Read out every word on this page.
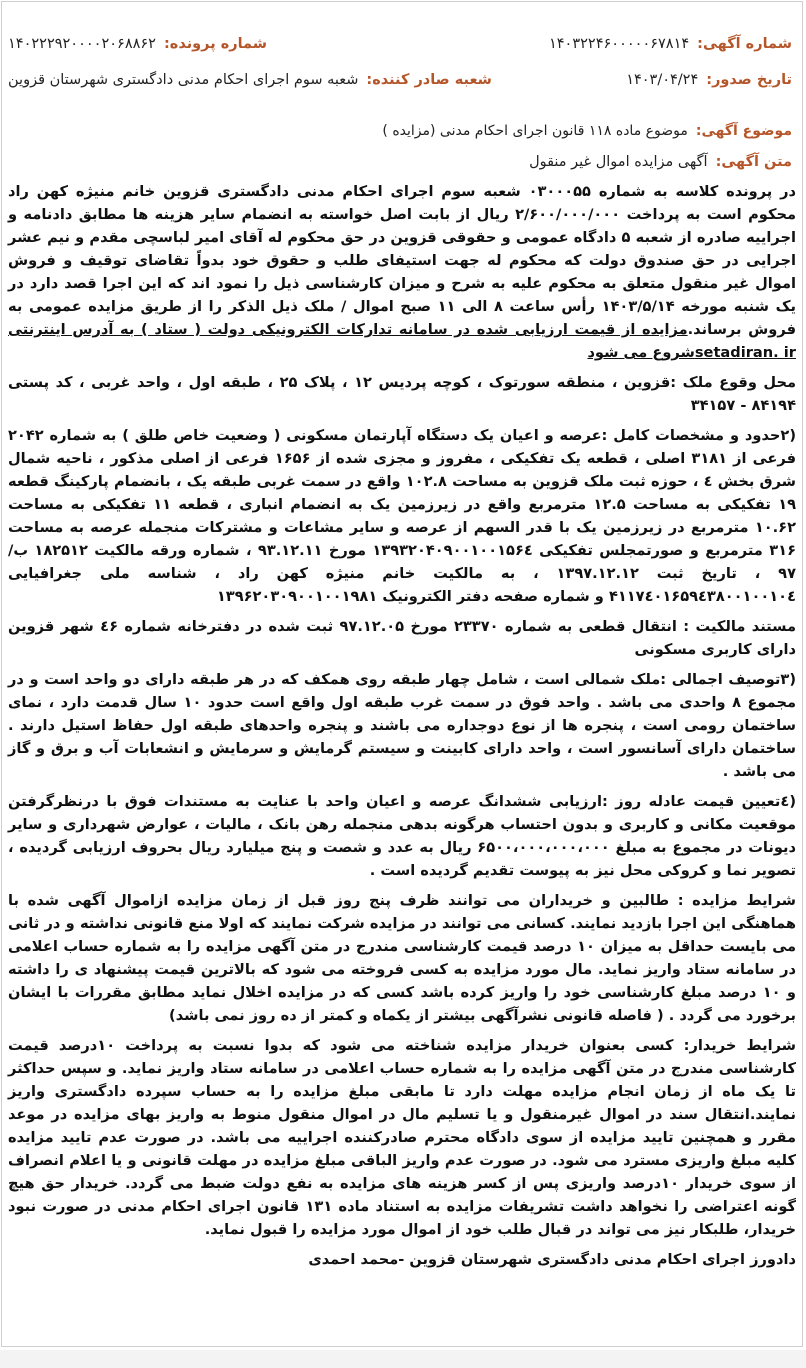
شماره آگهی:
۱۴۰۳۲۲۴۶۰۰۰۰۰۶۷۸۱۴
شماره پرونده:
۱۴۰۲۲۲۹۲۰۰۰۰۲۰۶۸۸۶۲
تاریخ صدور:
۱۴۰۳/۰۴/۲۴
شعبه صادر کننده:
شعبه سوم اجرای احکام مدنی دادگستری شهرستان قزوین
موضوع آگهی:
موضوع ماده ۱۱۸ قانون اجرای احکام مدنی (مزایده )
متن آگهی:
آگهی مزایده اموال غیر منقول

در پرونده کلاسه به شماره ۰۳۰۰۰۵۵ شعبه سوم اجرای احکام مدنی دادگستری قزوین خانم منیژه کهن راد محکوم است به پرداخت ۲/۶۰۰/۰۰۰/۰۰۰ ریال از بابت اصل خواسته به انضمام سایر هزینه ها مطابق دادنامه و اجراییه صادره از شعبه ۵ دادگاه عمومی و حقوقی قزوین در حق محکوم له آقای امیر لباسچی مقدم و نیم عشر اجرایی در حق صندوق دولت که محکوم له جهت استیفای طلب و حقوق خود بدواً تقاضای توقیف و فروش اموال غیر منقول متعلق به محکوم علیه به شرح و میزان کارشناسی ذیل را نمود اند که این اجرا قصد دارد در یک شنبه مورخه ۱۴۰۳/۵/۱۴ رأس ساعت ۸ الی ۱۱ صبح اموال / ملک ذیل الذکر را از طریق مزایده عمومی به فروش برساند.مزایده از قیمت ارزیابی شده در سامانه تدارکات الکترونیکی دولت ( ستاد ) به آدرس اینترنتی setadiran. irشروع می شود

محل وقوع ملک :قزوین ، منطقه سورتوک ، کوچه پردیس ۱۲ ، پلاک ۲۵ ، طبقه اول ، واحد غربی ، کد پستی ۸۴۱۹۴ - ۳۴۱۵۷

(۲حدود و مشخصات کامل :عرصه و اعیان یک دستگاه آپارتمان مسکونی ( وضعیت خاص طلق ) به شماره ۲۰۴۲ فرعی از ۳۱۸۱ اصلی ، قطعه یک تفکیکی ، مفروز و مجزی شده از ۱۶۵۶ فرعی از اصلی مذکور ، ناحیه شمال شرق بخش ٤ ، حوزه ثبت ملک قزوین به مساحت ۱۰۲.۸ واقع در سمت غربی طبقه یک ، بانضمام پارکینگ قطعه ۱۹ تفکیکی به مساحت ۱۲.۵ مترمربع واقع در زیرزمین یک به انضمام انباری ، قطعه ۱۱ تفکیکی به مساحت ۱۰.۶۲ مترمربع در زیرزمین یک با قدر السهم از عرصه و سایر مشاعات و مشترکات منجمله عرصه به مساحت ۳۱۶ مترمربع و صورتمجلس تفکیکی ۱۳۹۳۲۰۴۰۹۰۰۱۰۰۱۵۶٤ مورخ ۹۳.۱۲.۱۱ ، شماره ورقه مالکیت ۱۸۲۵۱۲ ب/۹۷ ، تاریخ ثبت ۱۳۹۷.۱۲.۱۲ ، به مالکیت خانم منیژه کهن راد ، شناسه ملی جغرافیایی ۴۱۱۷٤۰۱۶۵۹٤۳۸۰۰۱۰۰۱۰٤ و شماره صفحه دفتر الکترونیک ۱۳۹۶۲۰۳۰۹۰۰۱۰۰۱۹۸۱

مستند مالکیت : انتقال قطعی به شماره ۲۳۳۷۰ مورخ ۹۷.۱۲.۰۵ ثبت شده در دفترخانه شماره ٤۶ شهر قزوین دارای کاربری مسکونی

(۳توصیف اجمالی :ملک شمالی است ، شامل چهار طبقه روی همکف که در هر طبقه دارای دو واحد است و در مجموع ۸ واحدی می باشد . واحد فوق در سمت غرب طبقه اول واقع است حدود ۱۰ سال قدمت دارد ، نمای ساختمان رومی است ، پنجره ها از نوع دوجداره می باشند و پنجره واحدهای طبقه اول حفاظ استیل دارند . ساختمان دارای آسانسور است ، واحد دارای کابینت و سیستم گرمایش و سرمایش و انشعابات آب و برق و گاز می باشد .

(٤تعیین قیمت عادله روز :ارزیابی ششدانگ عرصه و اعیان واحد با عنایت به مستندات فوق با درنظرگرفتن موقعیت مکانی و کاربری و بدون احتساب هرگونه بدهی منجمله رهن بانک ، مالیات ، عوارض شهرداری و سایر دیونات در مجموع به مبلغ ۶۵۰۰،۰۰۰،۰۰۰،۰۰۰ ریال به عدد و شصت و پنج میلیارد ریال بحروف ارزیابی گردیده ، تصویر نما و کروکی محل نیز به پیوست تقدیم گردیده است .

شرایط مزایده : طالبین و خریداران می توانند ظرف پنج روز قبل از زمان مزایده ازاموال آگهی شده با هماهنگی این اجرا بازدید نمایند. کسانی می توانند در مزایده شرکت نمایند که اولا منع قانونی نداشته و در ثانی می بایست حداقل به میزان ۱۰ درصد قیمت کارشناسی مندرج در متن آگهی مزایده را به شماره حساب اعلامی در سامانه ستاد واریز نماید. مال مورد مزایده به کسی فروخته می شود که بالاترین قیمت پیشنهاد ی را داشته و ۱۰ درصد مبلغ کارشناسی خود را واریز کرده باشد کسی که در مزایده اخلال نماید مطابق مقررات با ایشان برخورد می گردد . ( فاصله قانونی نشرآگهی بیشتر از یکماه و کمتر از ده روز نمی باشد)

شرایط خریدار: کسی بعنوان خریدار مزایده شناخته می شود که بدوا نسبت به پرداخت ۱۰درصد قیمت کارشناسی مندرج در متن آگهی مزایده را به شماره حساب اعلامی در سامانه ستاد واریز نماید. و سپس حداکثر تا یک ماه از زمان انجام مزایده مهلت دارد تا مابقی مبلغ مزایده را به حساب سپرده دادگستری واریز نمایند.انتقال سند در اموال غیرمنقول و یا تسلیم مال در اموال منقول منوط به واریز بهای مزایده در موعد مقرر و همچنین تایید مزایده از سوی دادگاه محترم صادرکننده اجراییه می باشد. در صورت عدم تایید مزایده کلیه مبلغ واریزی مسترد می شود. در صورت عدم واریز الباقی مبلغ مزایده در مهلت قانونی و یا اعلام انصراف از سوی خریدار ۱۰درصد واریزی پس از کسر هزینه های مزایده به نفع دولت ضبط می گردد. خریدار حق هیچ گونه اعتراضی را نخواهد داشت تشریفات مزایده به استناد ماده ۱۳۱ قانون اجرای احکام مدنی در صورت نبود خریدار، طلبکار نیز می تواند در قبال طلب خود از اموال مورد مزایده را قبول نماید.

دادورز اجرای احکام مدنی دادگستری شهرستان قزوین -محمد احمدی
